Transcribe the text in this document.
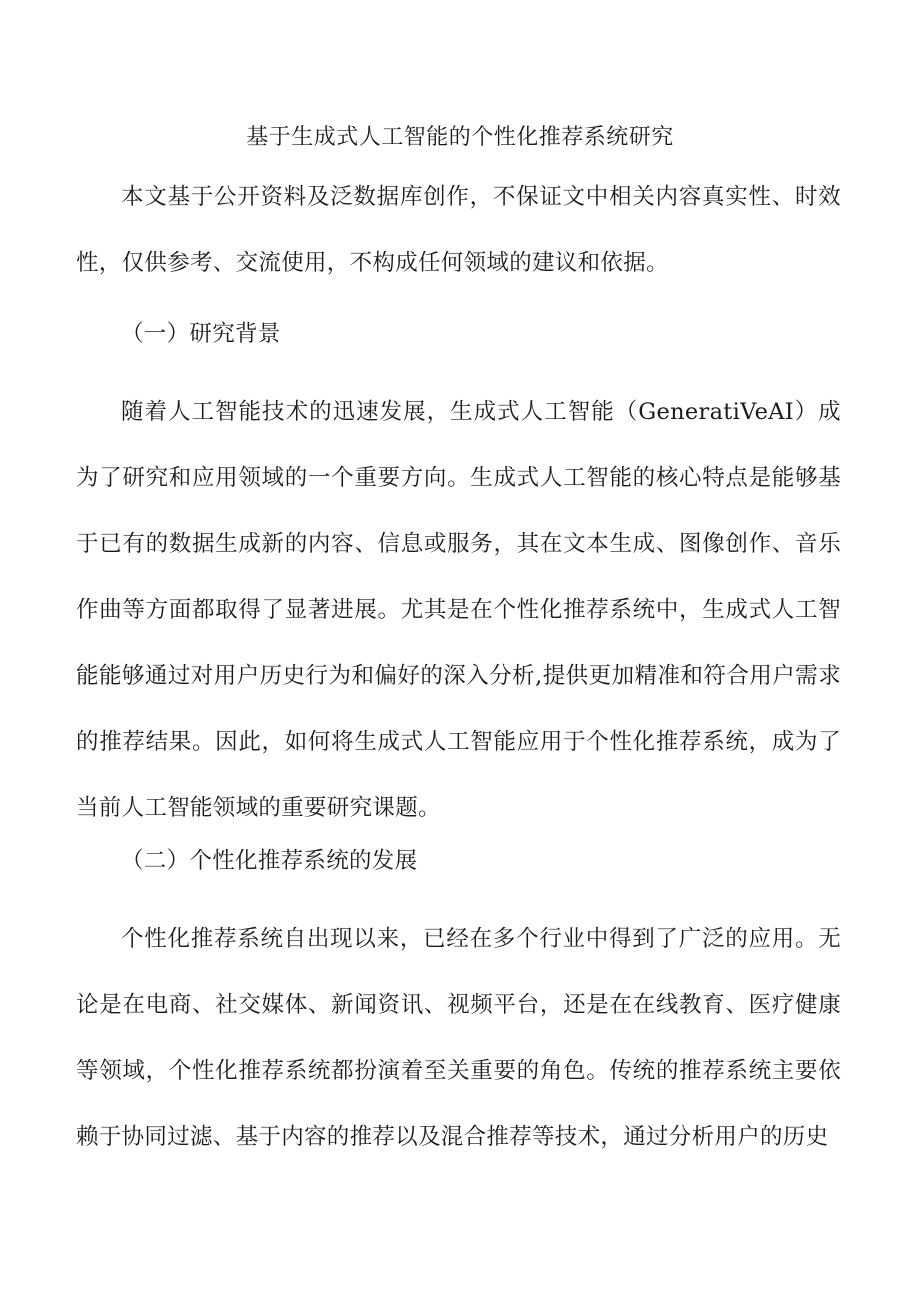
基于生成式人工智能的个性化推荐系统研究

本文基于公开资料及泛数据库创作，不保证文中相关内容真实性、时效性，仅供参考、交流使用，不构成任何领域的建议和依据。

（一）研究背景

随着人工智能技术的迅速发展，生成式人工智能（GeneratiVeAI）成为了研究和应用领域的一个重要方向。生成式人工智能的核心特点是能够基于已有的数据生成新的内容、信息或服务，其在文本生成、图像创作、音乐作曲等方面都取得了显著进展。尤其是在个性化推荐系统中，生成式人工智能能够通过对用户历史行为和偏好的深入分析,提供更加精准和符合用户需求的推荐结果。因此，如何将生成式人工智能应用于个性化推荐系统，成为了当前人工智能领域的重要研究课题。

（二）个性化推荐系统的发展

个性化推荐系统自出现以来，已经在多个行业中得到了广泛的应用。无论是在电商、社交媒体、新闻资讯、视频平台，还是在在线教育、医疗健康等领域，个性化推荐系统都扮演着至关重要的角色。传统的推荐系统主要依赖于协同过滤、基于内容的推荐以及混合推荐等技术，通过分析用户的历史
